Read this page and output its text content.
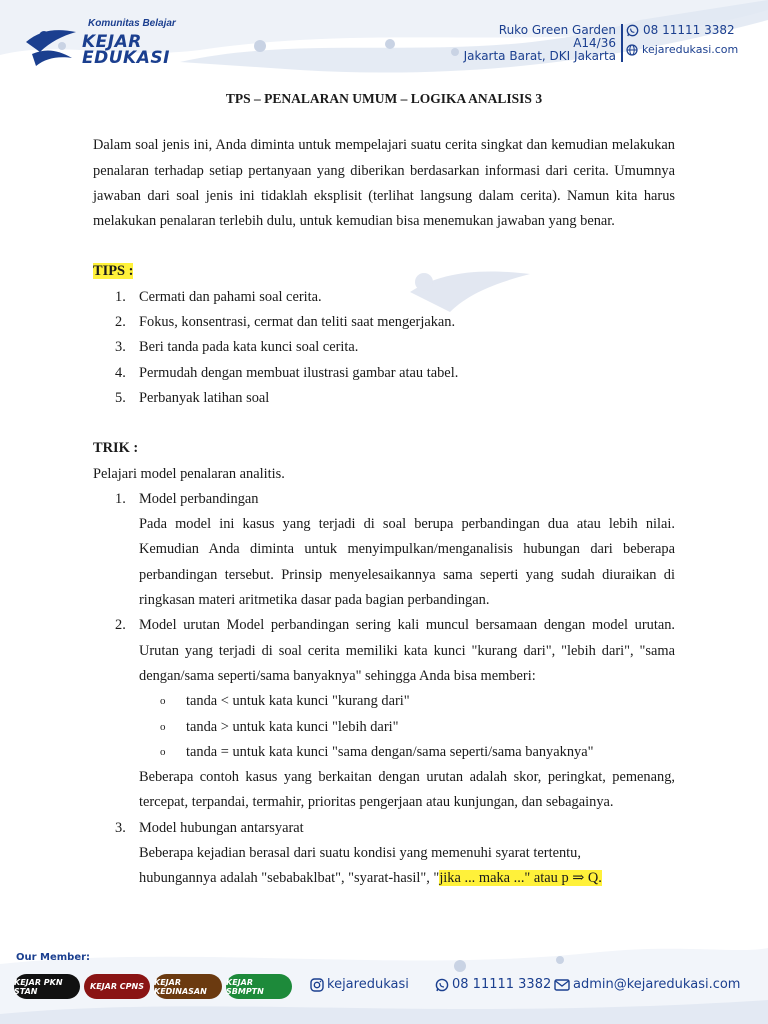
Komunitas Belajar
KEJAR
EDUKASI
Ruko Green Garden
A14/36
Jakarta Barat, DKI Jakarta
08 11111 3382
kejaredukasi.com
TPS – PENALARAN UMUM – LOGIKA ANALISIS 3

Dalam soal jenis ini, Anda diminta untuk mempelajari suatu cerita singkat dan kemudian melakukan penalaran terhadap setiap pertanyaan yang diberikan berdasarkan informasi dari cerita. Umumnya jawaban dari soal jenis ini tidaklah eksplisit (terlihat langsung dalam cerita). Namun kita harus melakukan penalaran terlebih dulu, untuk kemudian bisa menemukan jawaban yang benar.

TIPS :
1. Cermati dan pahami soal cerita.
2. Fokus, konsentrasi, cermat dan teliti saat mengerjakan.
3. Beri tanda pada kata kunci soal cerita.
4. Permudah dengan membuat ilustrasi gambar atau tabel.
5. Perbanyak latihan soal
TRIK :
Pelajari model penalaran analitis.
1. Model perbandingan
Pada model ini kasus yang terjadi di soal berupa perbandingan dua atau lebih nilai. Kemudian Anda diminta untuk menyimpulkan/menganalisis hubungan dari beberapa perbandingan tersebut. Prinsip menyelesaikannya sama seperti yang sudah diuraikan di ringkasan materi aritmetika dasar pada bagian perbandingan.
2. Model urutan Model perbandingan sering kali muncul bersamaan dengan model urutan. Urutan yang terjadi di soal cerita memiliki kata kunci "kurang dari", "lebih dari", "sama dengan/sama seperti/sama banyaknya" sehingga Anda bisa memberi:
o tanda < untuk kata kunci "kurang dari"
o tanda > untuk kata kunci "lebih dari"
o tanda = untuk kata kunci "sama dengan/sama seperti/sama banyaknya"
Beberapa contoh kasus yang berkaitan dengan urutan adalah skor, peringkat, pemenang, tercepat, terpandai, termahir, prioritas pengerjaan atau kunjungan, dan sebagainya.
3. Model hubungan antarsyarat
Beberapa kejadian berasal dari suatu kondisi yang memenuhi syarat tertentu,
hubungannya adalah "sebabaklbat", "syarat-hasil", "jika ... maka ..." atau p ⇒ Q.
Our Member:
KEJAR PKN STAN	KEJAR CPNS	KEJAR KEDINASAN
KEJAR SBMPTN	kejaredukasi	08 11111 3382 admin@kejaredukasi.com
